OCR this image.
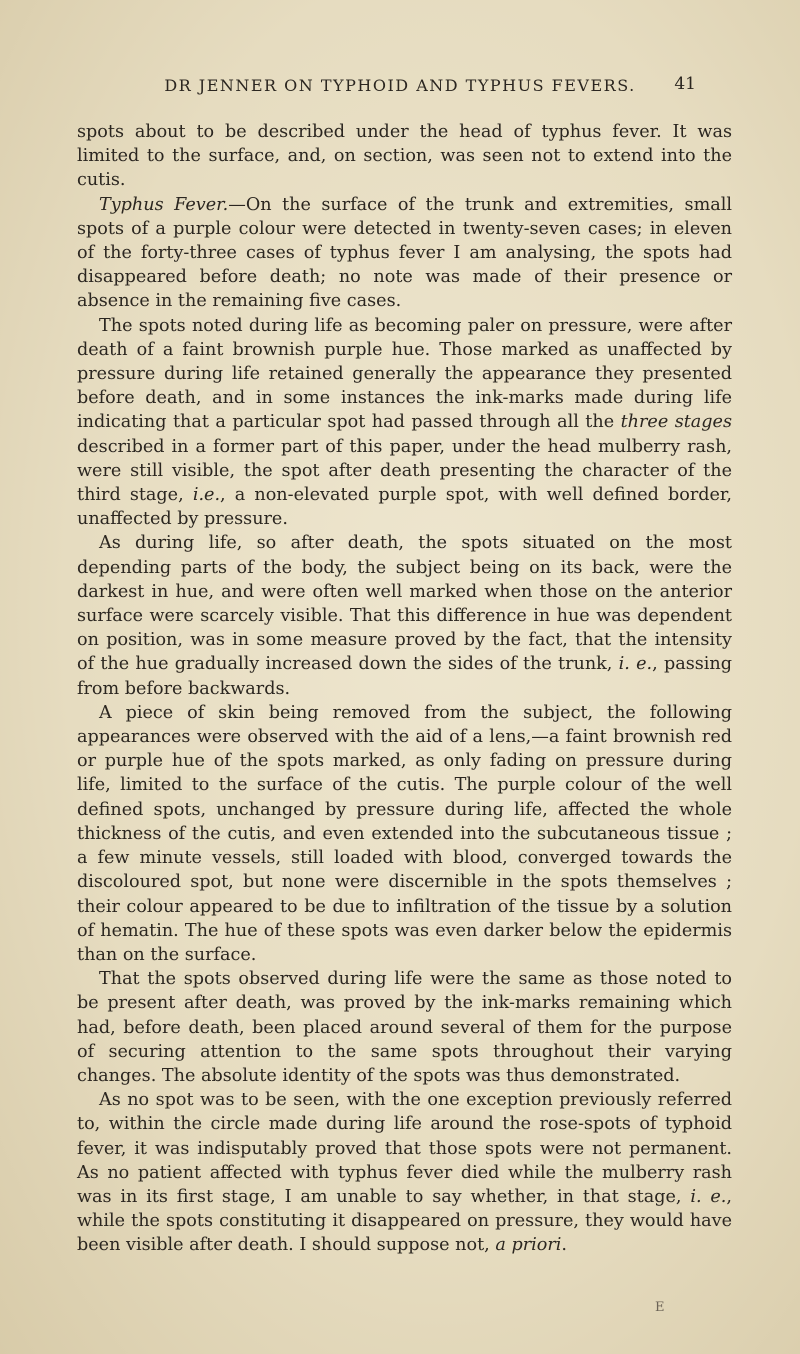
DR JENNER ON TYPHOID AND TYPHUS FEVERS.	41

spots about to be described under the head of typhus fever. It was limited to the surface, and, on section, was seen not to extend into the cutis.

Typhus Fever.—On the surface of the trunk and extremities, small spots of a purple colour were detected in twenty-seven cases; in eleven of the forty-three cases of typhus fever I am analysing, the spots had disappeared before death; no note was made of their presence or absence in the remaining five cases.

The spots noted during life as becoming paler on pressure, were after death of a faint brownish purple hue. Those marked as unaffected by pressure during life retained generally the appearance they presented before death, and in some instances the ink-marks made during life indicating that a particular spot had passed through all the three stages described in a former part of this paper, under the head mulberry rash, were still visible, the spot after death presenting the character of the third stage, i.e., a non-elevated purple spot, with well defined border, unaffected by pressure.

As during life, so after death, the spots situated on the most depending parts of the body, the subject being on its back, were the darkest in hue, and were often well marked when those on the anterior surface were scarcely visible. That this difference in hue was dependent on position, was in some measure proved by the fact, that the intensity of the hue gradually increased down the sides of the trunk, i. e., passing from before backwards.

A piece of skin being removed from the subject, the following appearances were observed with the aid of a lens,—a faint brownish red or purple hue of the spots marked, as only fading on pressure during life, limited to the surface of the cutis. The purple colour of the well defined spots, unchanged by pressure during life, affected the whole thickness of the cutis, and even extended into the subcutaneous tissue ; a few minute vessels, still loaded with blood, converged towards the discoloured spot, but none were discernible in the spots themselves ; their colour appeared to be due to infiltration of the tissue by a solution of hematin. The hue of these spots was even darker below the epidermis than on the surface.

That the spots observed during life were the same as those noted to be present after death, was proved by the ink-marks remaining which had, before death, been placed around several of them for the purpose of securing attention to the same spots throughout their varying changes. The absolute identity of the spots was thus demonstrated.

As no spot was to be seen, with the one exception previously referred to, within the circle made during life around the rose-spots of typhoid fever, it was indisputably proved that those spots were not permanent. As no patient affected with typhus fever died while the mulberry rash was in its first stage, I am unable to say whether, in that stage, i. e., while the spots constituting it disappeared on pressure, they would have been visible after death. I should suppose not, a priori.

E
